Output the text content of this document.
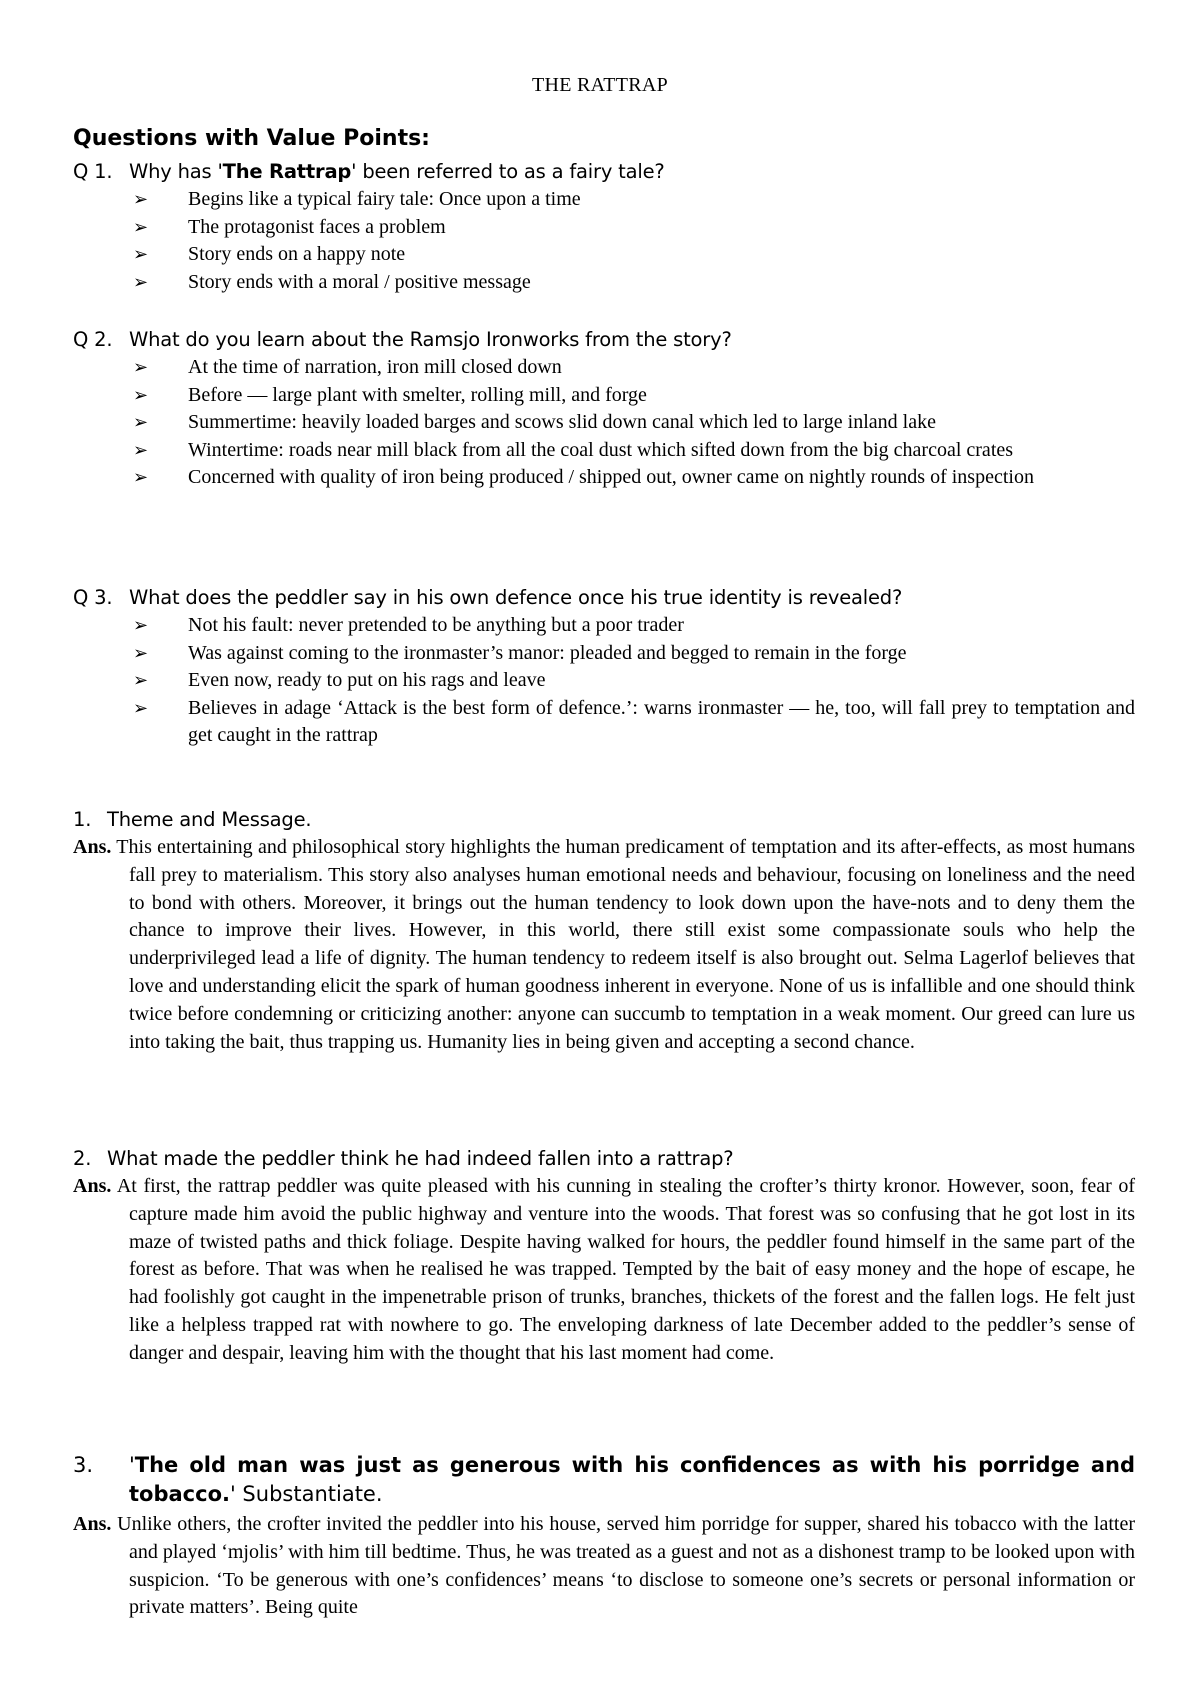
THE RATTRAP
Questions with Value Points:
Q 1. Why has 'The Rattrap' been referred to as a fairy tale?
➢ Begins like a typical fairy tale: Once upon a time
➢ The protagonist faces a problem
➢ Story ends on a happy note
➢ Story ends with a moral / positive message
Q 2. What do you learn about the Ramsjo Ironworks from the story?
➢ At the time of narration, iron mill closed down
➢ Before — large plant with smelter, rolling mill, and forge
➢ Summertime: heavily loaded barges and scows slid down canal which led to large inland lake
➢ Wintertime: roads near mill black from all the coal dust which sifted down from the big charcoal crates
➢ Concerned with quality of iron being produced / shipped out, owner came on nightly rounds of inspection
Q 3. What does the peddler say in his own defence once his true identity is revealed?
➢ Not his fault: never pretended to be anything but a poor trader
➢ Was against coming to the ironmaster’s manor: pleaded and begged to remain in the forge
➢ Even now, ready to put on his rags and leave
➢ Believes in adage ‘Attack is the best form of defence.’: warns ironmaster — he, too, will fall prey to temptation and get caught in the rattrap
1. Theme and Message.

Ans. This entertaining and philosophical story highlights the human predicament of temptation and its after-effects, as most humans fall prey to materialism. This story also analyses human emotional needs and behaviour, focusing on loneliness and the need to bond with others. Moreover, it brings out the human tendency to look down upon the have-nots and to deny them the chance to improve their lives. However, in this world, there still exist some compassionate souls who help the underprivileged lead a life of dignity. The human tendency to redeem itself is also brought out. Selma Lagerlof believes that love and understanding elicit the spark of human goodness inherent in everyone. None of us is infallible and one should think twice before condemning or criticizing another: anyone can succumb to temptation in a weak moment. Our greed can lure us into taking the bait, thus trapping us. Humanity lies in being given and accepting a second chance.

2. What made the peddler think he had indeed fallen into a rattrap?

Ans. At first, the rattrap peddler was quite pleased with his cunning in stealing the crofter’s thirty kronor. However, soon, fear of capture made him avoid the public highway and venture into the woods. That forest was so confusing that he got lost in its maze of twisted paths and thick foliage. Despite having walked for hours, the peddler found himself in the same part of the forest as before. That was when he realised he was trapped. Tempted by the bait of easy money and the hope of escape, he had foolishly got caught in the impenetrable prison of trunks, branches, thickets of the forest and the fallen logs. He felt just like a helpless trapped rat with nowhere to go. The enveloping darkness of late December added to the peddler’s sense of danger and despair, leaving him with the thought that his last moment had come.

3. 'The old man was just as generous with his confidences as with his porridge and tobacco.' Substantiate.

Ans. Unlike others, the crofter invited the peddler into his house, served him porridge for supper, shared his tobacco with the latter and played ‘mjolis’ with him till bedtime. Thus, he was treated as a guest and not as a dishonest tramp to be looked upon with suspicion. ‘To be generous with one’s confidences’ means ‘to disclose to someone one’s secrets or personal information or private matters’. Being quite
